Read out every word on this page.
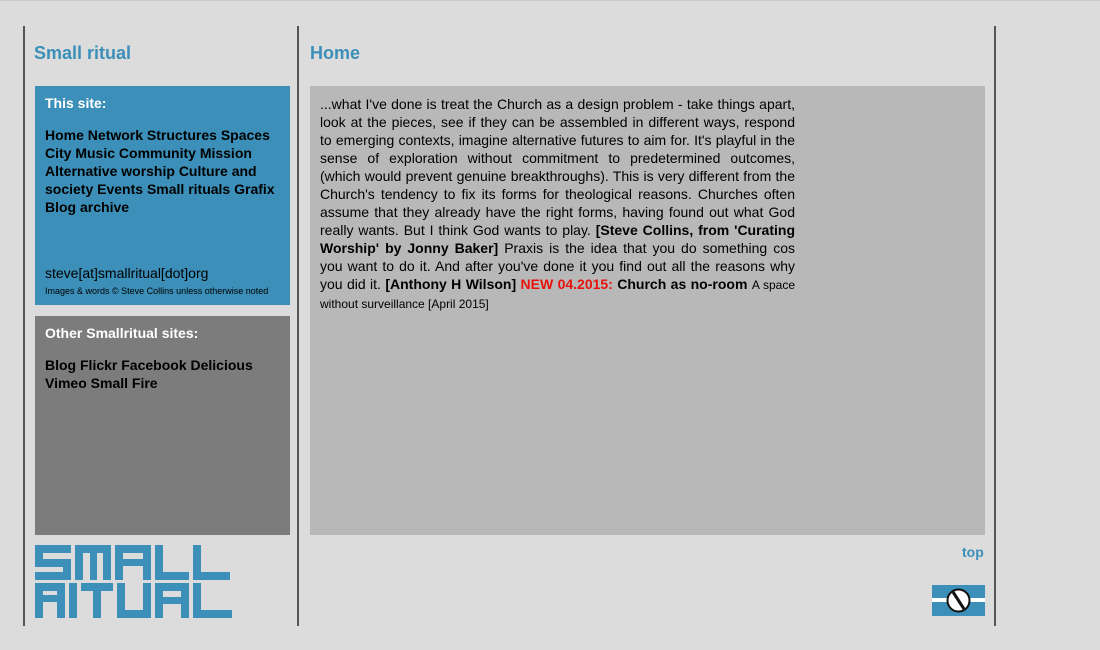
Small ritual	Home
This site:
Home Network Structures Spaces City Music Community Mission Alternative worship Culture and society Events Small rituals Grafix Blog archive
steve[at]smallritual[dot]org
Images & words © Steve Collins unless otherwise noted
Other Smallritual sites:
Blog Flickr Facebook Delicious Vimeo Small Fire

...what I've done is treat the Church as a design problem - take things apart, look at the pieces, see if they can be assembled in different ways, respond to emerging contexts, imagine alternative futures to aim for. It's playful in the sense of exploration without commitment to predetermined outcomes, (which would prevent genuine breakthroughs). This is very different from the Church's tendency to fix its forms for theological reasons. Churches often assume that they already have the right forms, having found out what God really wants. But I think God wants to play. [Steve Collins, from 'Curating Worship' by Jonny Baker] Praxis is the idea that you do something cos you want to do it. And after you've done it you find out all the reasons why you did it. [Anthony H Wilson] NEW 04.2015: Church as no-room A space without surveillance [April 2015]

top
